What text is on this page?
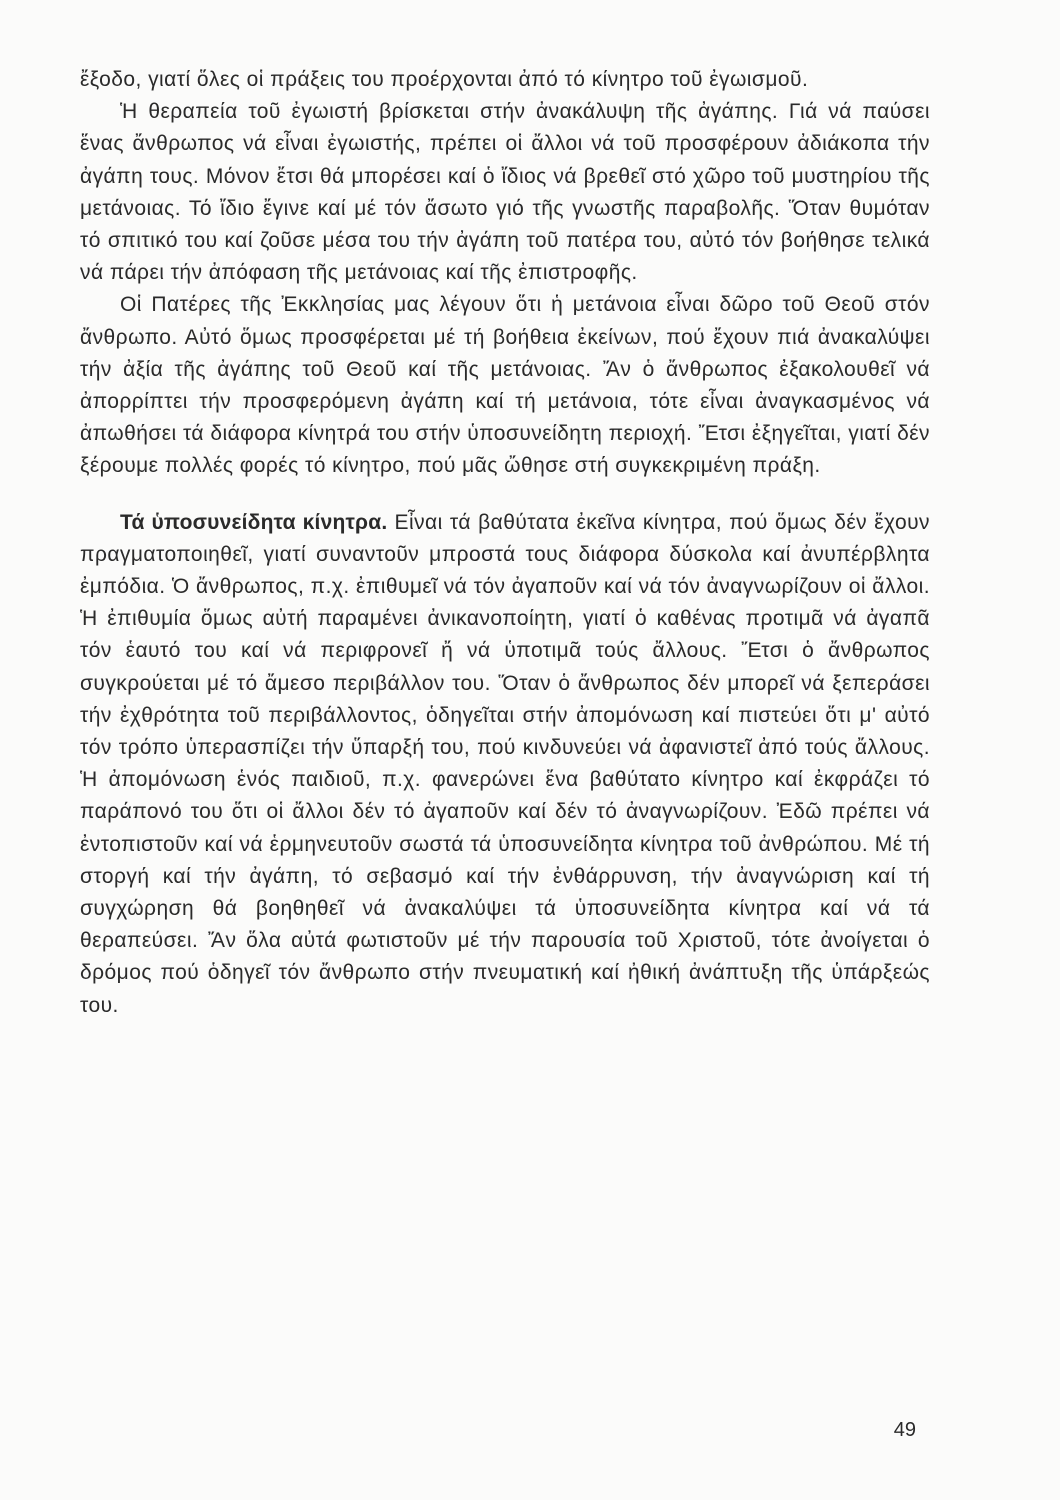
ἔξοδο, γιατί ὅλες οἱ πράξεις του προέρχονται ἀπό τό κίνητρο τοῦ ἐγωισμοῦ.

Ἡ θεραπεία τοῦ ἐγωιστή βρίσκεται στήν ἀνακάλυψη τῆς ἀγάπης. Γιά νά παύσει ἕνας ἄνθρωπος νά εἶναι ἐγωιστής, πρέπει οἱ ἄλλοι νά τοῦ προσφέρουν ἀδιάκοπα τήν ἀγάπη τους. Μόνον ἔτσι θά μπορέσει καί ὁ ἴδιος νά βρεθεῖ στό χῶρο τοῦ μυστηρίου τῆς μετάνοιας. Τό ἴδιο ἔγινε καί μέ τόν ἄσωτο γιό τῆς γνωστῆς παραβολῆς. Ὅταν θυμόταν τό σπιτικό του καί ζοῦσε μέσα του τήν ἀγάπη τοῦ πατέρα του, αὐτό τόν βοήθησε τελικά νά πάρει τήν ἀπόφαση τῆς μετάνοιας καί τῆς ἐπιστροφῆς.

Οἱ Πατέρες τῆς Ἐκκλησίας μας λέγουν ὅτι ἡ μετάνοια εἶναι δῶρο τοῦ Θεοῦ στόν ἄνθρωπο. Αὐτό ὅμως προσφέρεται μέ τή βοήθεια ἐκείνων, πού ἔχουν πιά ἀνακαλύψει τήν ἀξία τῆς ἀγάπης τοῦ Θεοῦ καί τῆς μετάνοιας. Ἄν ὁ ἄνθρωπος ἐξακολουθεῖ νά ἀπορρίπτει τήν προσφερόμενη ἀγάπη καί τή μετάνοια, τότε εἶναι ἀναγκασμένος νά ἀπωθήσει τά διάφορα κίνητρά του στήν ὑποσυνείδητη περιοχή. Ἔτσι ἐξηγεῖται, γιατί δέν ξέρουμε πολλές φορές τό κίνητρο, πού μᾶς ὤθησε στή συγκεκριμένη πράξη.

Τά ὑποσυνείδητα κίνητρα. Εἶναι τά βαθύτατα ἐκεῖνα κίνητρα, πού ὅμως δέν ἔχουν πραγματοποιηθεῖ, γιατί συναντοῦν μπροστά τους διάφορα δύσκολα καί ἀνυπέρβλητα ἐμπόδια. Ὁ ἄνθρωπος, π.χ. ἐπιθυμεῖ νά τόν ἀγαποῦν καί νά τόν ἀναγνωρίζουν οἱ ἄλλοι. Ἡ ἐπιθυμία ὅμως αὐτή παραμένει ἀνικανοποίητη, γιατί ὁ καθένας προτιμᾶ νά ἀγαπᾶ τόν ἑαυτό του καί νά περιφρονεῖ ἤ νά ὑποτιμᾶ τούς ἄλλους. Ἔτσι ὁ ἄνθρωπος συγκρούεται μέ τό ἄμεσο περιβάλλον του. Ὅταν ὁ ἄνθρωπος δέν μπορεῖ νά ξεπεράσει τήν ἐχθρότητα τοῦ περιβάλλοντος, ὁδηγεῖται στήν ἀπομόνωση καί πιστεύει ὅτι μ' αὐτό τόν τρόπο ὑπερασπίζει τήν ὕπαρξή του, πού κινδυνεύει νά ἀφανιστεῖ ἀπό τούς ἄλλους. Ἡ ἀπομόνωση ἑνός παιδιοῦ, π.χ. φανερώνει ἕνα βαθύτατο κίνητρο καί ἐκφράζει τό παράπονό του ὅτι οἱ ἄλλοι δέν τό ἀγαποῦν καί δέν τό ἀναγνωρίζουν. Ἐδῶ πρέπει νά ἐντοπιστοῦν καί νά ἑρμηνευτοῦν σωστά τά ὑποσυνείδητα κίνητρα τοῦ ἀνθρώπου. Μέ τή στοργή καί τήν ἀγάπη, τό σεβασμό καί τήν ἐνθάρρυνση, τήν ἀναγνώριση καί τή συγχώρηση θά βοηθηθεῖ νά ἀνακαλύψει τά ὑποσυνείδητα κίνητρα καί νά τά θεραπεύσει. Ἄν ὅλα αὐτά φωτιστοῦν μέ τήν παρουσία τοῦ Χριστοῦ, τότε ἀνοίγεται ὁ δρόμος πού ὁδηγεῖ τόν ἄνθρωπο στήν πνευματική καί ἠθική ἀνάπτυξη τῆς ὑπάρξεώς του.

49
